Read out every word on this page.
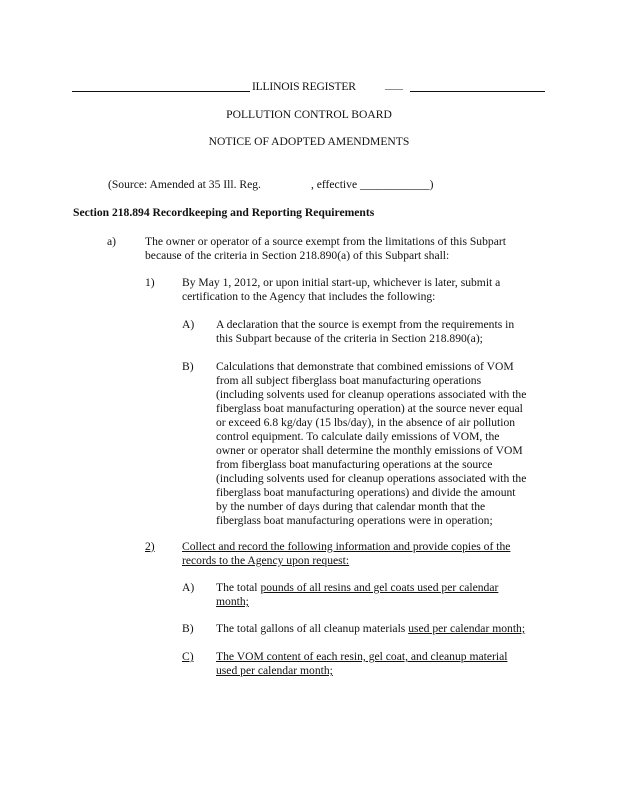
ILLINOIS REGISTER	____
POLLUTION CONTROL BOARD
NOTICE OF ADOPTED AMENDMENTS
(Source: Amended at 35 Ill. Reg.	, effective ____________)
Section 218.894 Recordkeeping and Reporting Requirements
a) The owner or operator of a source exempt from the limitations of this Subpart
because of the criteria in Section 218.890(a) of this Subpart shall:
1) By May 1, 2012, or upon initial start-up, whichever is later, submit a
certification to the Agency that includes the following:
A) A declaration that the source is exempt from the requirements in
this Subpart because of the criteria in Section 218.890(a);
B) Calculations that demonstrate that combined emissions of VOM
from all subject fiberglass boat manufacturing operations
(including solvents used for cleanup operations associated with the
fiberglass boat manufacturing operation) at the source never equal
or exceed 6.8 kg/day (15 lbs/day), in the absence of air pollution
control equipment. To calculate daily emissions of VOM, the
owner or operator shall determine the monthly emissions of VOM
from fiberglass boat manufacturing operations at the source
(including solvents used for cleanup operations associated with the
fiberglass boat manufacturing operations) and divide the amount
by the number of days during that calendar month that the
fiberglass boat manufacturing operations were in operation;
2) Collect and record the following information and provide copies of the
records to the Agency upon request:
A) The total pounds of all resins and gel coats used per calendar
month;
B) The total gallons of all cleanup materials used per calendar month;
C) The VOM content of each resin, gel coat, and cleanup material
used per calendar month;
